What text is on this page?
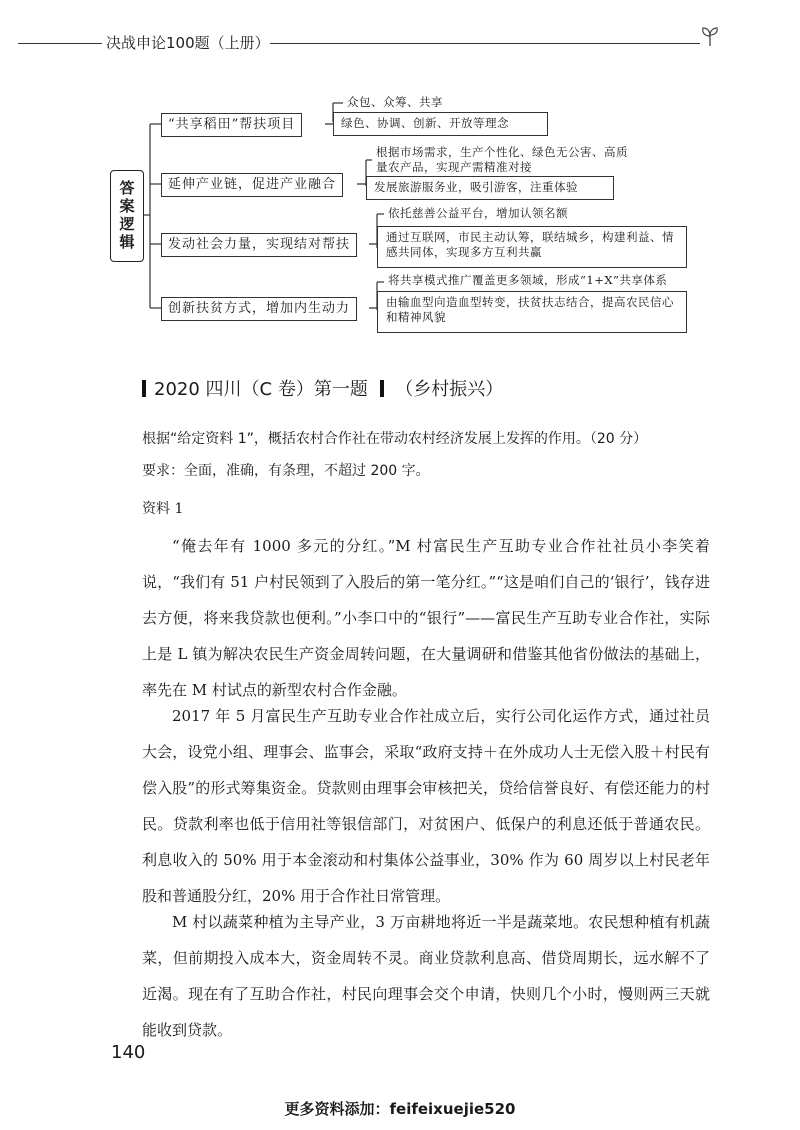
决战申论100题（上册）
答案逻辑
“共享稻田”帮扶项目
众包、众筹、共享
绿色、协调、创新、开放等理念
延伸产业链，促进产业融合
根据市场需求，生产个性化、绿色无公害、高质量农产品，实现产需精准对接
发展旅游服务业，吸引游客，注重体验
发动社会力量，实现结对帮扶
依托慈善公益平台，增加认领名额
通过互联网，市民主动认筹，联结城乡，构建利益、情感共同体，实现多方互利共赢
创新扶贫方式，增加内生动力
将共享模式推广覆盖更多领域，形成“1+X”共享体系
由输血型向造血型转变，扶贫扶志结合，提高农民信心和精神风貌
2020 四川（C 卷）第一题 （乡村振兴）
根据“给定资料 1”，概括农村合作社在带动农村经济发展上发挥的作用。（20 分）
要求：全面，准确，有条理，不超过 200 字。
资料 1
“俺去年有 1000 多元的分红。”M 村富民生产互助专业合作社社员小李笑着说，“我们有 51 户村民领到了入股后的第一笔分红。”“这是咱们自己的‘银行’，钱存进去方便，将来我贷款也便利。”小李口中的“银行”——富民生产互助专业合作社，实际上是 L 镇为解决农民生产资金周转问题，在大量调研和借鉴其他省份做法的基础上，率先在 M 村试点的新型农村合作金融。
2017 年 5 月富民生产互助专业合作社成立后，实行公司化运作方式，通过社员大会，设党小组、理事会、监事会，采取“政府支持＋在外成功人士无偿入股＋村民有偿入股”的形式筹集资金。贷款则由理事会审核把关，贷给信誉良好、有偿还能力的村民。贷款利率也低于信用社等银信部门，对贫困户、低保户的利息还低于普通农民。利息收入的 50% 用于本金滚动和村集体公益事业，30% 作为 60 周岁以上村民老年股和普通股分红，20% 用于合作社日常管理。
M 村以蔬菜种植为主导产业，3 万亩耕地将近一半是蔬菜地。农民想种植有机蔬菜，但前期投入成本大，资金周转不灵。商业贷款利息高、借贷周期长，远水解不了近渴。现在有了互助合作社，村民向理事会交个申请，快则几个小时，慢则两三天就能收到贷款。
140
更多资料添加：feifeixuejie520
